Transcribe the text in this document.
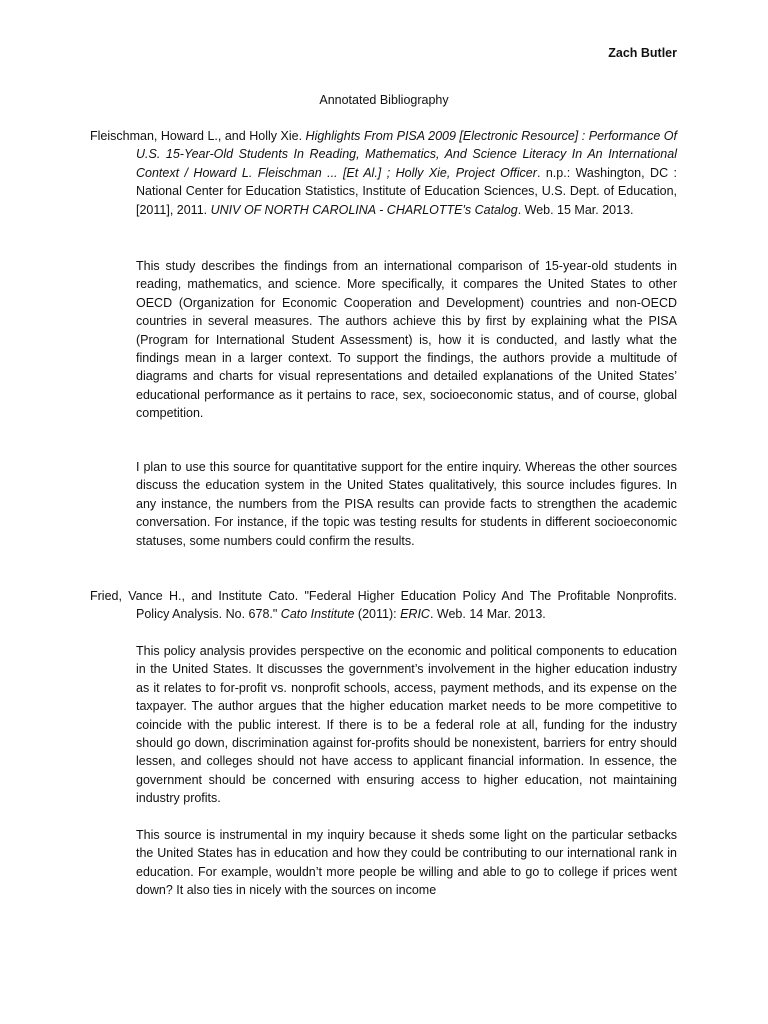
Zach Butler
Annotated Bibliography

Fleischman, Howard L., and Holly Xie. Highlights From PISA 2009 [Electronic Resource] : Performance Of U.S. 15-Year-Old Students In Reading, Mathematics, And Science Literacy In An International Context / Howard L. Fleischman ... [Et Al.] ; Holly Xie, Project Officer. n.p.: Washington, DC : National Center for Education Statistics, Institute of Education Sciences, U.S. Dept. of Education, [2011], 2011. UNIV OF NORTH CAROLINA - CHARLOTTE's Catalog. Web. 15 Mar. 2013.

This study describes the findings from an international comparison of 15-year-old students in reading, mathematics, and science. More specifically, it compares the United States to other OECD (Organization for Economic Cooperation and Development) countries and non-OECD countries in several measures. The authors achieve this by first by explaining what the PISA (Program for International Student Assessment) is, how it is conducted, and lastly what the findings mean in a larger context. To support the findings, the authors provide a multitude of diagrams and charts for visual representations and detailed explanations of the United States’ educational performance as it pertains to race, sex, socioeconomic status, and of course, global competition.

I plan to use this source for quantitative support for the entire inquiry. Whereas the other sources discuss the education system in the United States qualitatively, this source includes figures. In any instance, the numbers from the PISA results can provide facts to strengthen the academic conversation. For instance, if the topic was testing results for students in different socioeconomic statuses, some numbers could confirm the results.

Fried, Vance H., and Institute Cato. "Federal Higher Education Policy And The Profitable Nonprofits. Policy Analysis. No. 678." Cato Institute (2011): ERIC. Web. 14 Mar. 2013.

This policy analysis provides perspective on the economic and political components to education in the United States. It discusses the government’s involvement in the higher education industry as it relates to for-profit vs. nonprofit schools, access, payment methods, and its expense on the taxpayer. The author argues that the higher education market needs to be more competitive to coincide with the public interest. If there is to be a federal role at all, funding for the industry should go down, discrimination against for-profits should be nonexistent, barriers for entry should lessen, and colleges should not have access to applicant financial information. In essence, the government should be concerned with ensuring access to higher education, not maintaining industry profits.

This source is instrumental in my inquiry because it sheds some light on the particular setbacks the United States has in education and how they could be contributing to our international rank in education. For example, wouldn’t more people be willing and able to go to college if prices went down? It also ties in nicely with the sources on income
